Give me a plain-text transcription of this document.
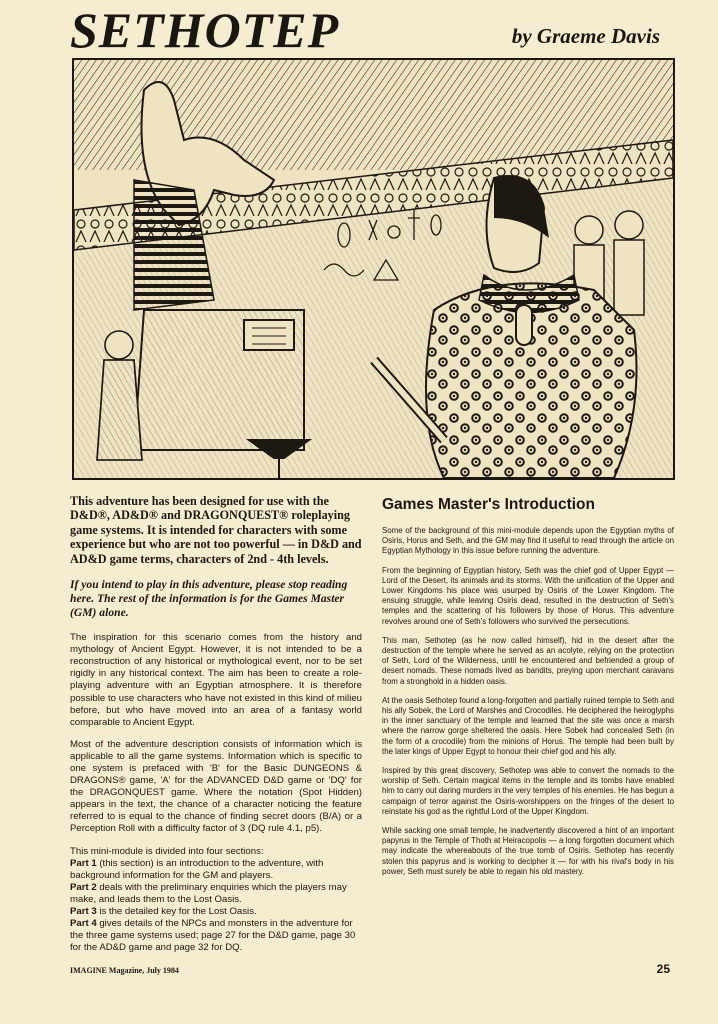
SETHOTEP	by Graeme Davis

This adventure has been designed for use with the D&D®, AD&D® and DRAGONQUEST® roleplaying game systems. It is intended for characters with some experience but who are not too powerful — in D&D and AD&D game terms, characters of 2nd - 4th levels.

If you intend to play in this adventure, please stop reading here. The rest of the information is for the Games Master (GM) alone.

The inspiration for this scenario comes from the history and mythology of Ancient Egypt. However, it is not intended to be a reconstruction of any historical or mythological event, nor to be set rigidly in any historical context. The aim has been to create a role-playing adventure with an Egyptian atmosphere. It is therefore possible to use characters who have not existed in this kind of milieu before, but who have moved into an area of a fantasy world comparable to Ancient Egypt.

Most of the adventure description consists of information which is applicable to all the game systems. Information which is specific to one system is prefaced with 'B' for the Basic DUNGEONS & DRAGONS® game, 'A' for the ADVANCED D&D game or 'DQ' for the DRAGONQUEST game. Where the notation (Spot Hidden) appears in the text, the chance of a character noticing the feature referred to is equal to the chance of finding secret doors (B/A) or a Perception Roll with a difficulty factor of 3 (DQ rule 4.1, p5).

This mini-module is divided into four sections:

Part 1 (this section) is an introduction to the adventure, with background information for the GM and players.

Part 2 deals with the preliminary enquiries which the players may make, and leads them to the Lost Oasis.

Part 3 is the detailed key for the Lost Oasis.

Part 4 gives details of the NPCs and monsters in the adventure for the three game systems used; page 27 for the D&D game, page 30 for the AD&D game and page 32 for DQ.

Games Master's Introduction

Some of the background of this mini-module depends upon the Egyptian myths of Osiris, Horus and Seth, and the GM may find it useful to read through the article on Egyptian Mythology in this issue before running the adventure.

From the beginning of Egyptian history, Seth was the chief god of Upper Egypt — Lord of the Desert, its animals and its storms. With the unification of the Upper and Lower Kingdoms his place was usurped by Osiris of the Lower Kingdom. The ensuing struggle, while leaving Osiris dead, resulted in the destruction of Seth's temples and the scattering of his followers by those of Horus. This adventure revolves around one of Seth's followers who survived the persecutions.

This man, Sethotep (as he now called himself), hid in the desert after the destruction of the temple where he served as an acolyte, relying on the protection of Seth, Lord of the Wilderness, until he encountered and befriended a group of desert nomads. These nomads lived as bandits, preying upon merchant caravans from a stronghold in a hidden oasis.

At the oasis Sethotep found a long-forgotten and partially ruined temple to Seth and his ally Sobek, the Lord of Marshes and Crocodiles. He deciphered the heiroglyphs in the inner sanctuary of the temple and learned that the site was once a marsh where the narrow gorge sheltered the oasis. Here Sobek had concealed Seth (in the form of a crocodile) from the minions of Horus. The temple had been built by the later kings of Upper Egypt to honour their chief god and his ally.

Inspired by this great discovery, Sethotep was able to convert the nomads to the worship of Seth. Certain magical items in the temple and its tombs have enabled him to carry out daring murders in the very temples of his enemies. He has begun a campaign of terror against the Osiris-worshippers on the fringes of the desert to reinstate his god as the rightful Lord of the Upper Kingdom.

While sacking one small temple, he inadvertently discovered a hint of an important papyrus in the Temple of Thoth at Heiracopolis — a long forgotten document which may indicate the whereabouts of the true tomb of Osiris. Sethotep has recently stolen this papyrus and is working to decipher it — for with his rival's body in his power, Seth must surely be able to regain his old mastery.

IMAGINE Magazine, July 1984	25
